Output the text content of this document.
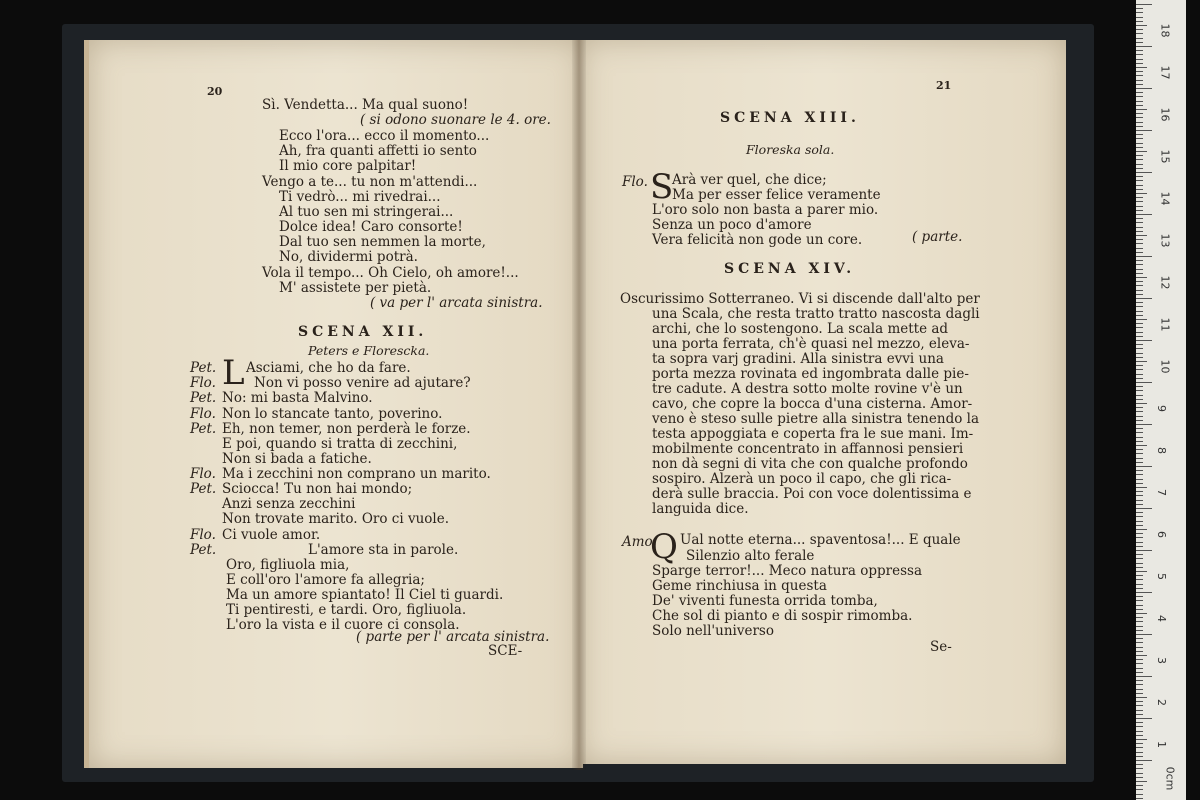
20
Sì. Vendetta... Ma qual suono!
( si odono suonare le 4. ore.
Ecco l'ora... ecco il momento...
Ah, fra quanti affetti io sento
Il mio core palpitar!
Vengo a te... tu non m'attendi...
Ti vedrò... mi rivedrai...
Al tuo sen mi stringerai...
Dolce idea! Caro consorte!
Dal tuo sen nemmen la morte,
No, dividermi potrà.
Vola il tempo... Oh Cielo, oh amore!...
M' assistete per pietà.
( va per l' arcata sinistra.
SCENA XII.
Peters e Florescka.
L
Pet. Asciami, che ho da fare.
Flo.	Non vi posso venire ad ajutare?
Pet. No: mi basta Malvino.
Flo. Non lo stancate tanto, poverino.
Pet. Eh, non temer, non perderà le forze.
E poi, quando si tratta di zecchini,
Non si bada a fatiche.
Flo. Ma i zecchini non comprano un marito.
Pet. Sciocca! Tu non hai mondo;
Anzi senza zecchini
Non trovate marito. Oro ci vuole.
Flo. Ci vuole amor.
Pet.	L'amore sta in parole.
Oro, figliuola mia,
E coll'oro l'amore fa allegria;
Ma un amore spiantato! Il Ciel ti guardi.
Ti pentiresti, e tardi. Oro, figliuola.
L'oro la vista e il cuore ci consola.
( parte per l' arcata sinistra.
SCE-
21
SCENA XIII.
Floreska sola.
Flo. S
Arà ver quel, che dice;
Ma per esser felice veramente
L'oro solo non basta a parer mio.
Senza un poco d'amore
Vera felicità non gode un core.	( parte.
SCENA XIV.
Oscurissimo Sotterraneo. Vi si discende dall'alto per
una Scala, che resta tratto tratto nascosta dagli
archi, che lo sostengono. La scala mette ad
una porta ferrata, ch'è quasi nel mezzo, eleva-
ta sopra varj gradini. Alla sinistra evvi una
porta mezza rovinata ed ingombrata dalle pie-
tre cadute. A destra sotto molte rovine v'è un
cavo, che copre la bocca d'una cisterna. Amor-
veno è steso sulle pietre alla sinistra tenendo la
testa appoggiata e coperta fra le sue mani. Im-
mobilmente concentrato in affannosi pensieri
non dà segni di vita che con qualche profondo
sospiro. Alzerà un poco il capo, che gli rica-
derà sulle braccia. Poi con voce dolentissima e
languida dice.
Amo.
Q Ual notte eterna... spaventosa!... E quale
Silenzio alto ferale
Sparge terror!... Meco natura oppressa
Geme rinchiusa in questa
De' viventi funesta orrida tomba,
Che sol di pianto e di sospir rimomba.
Solo nell'universo
Se-
18
17
16
15
14
13
12
11
10
9
8
7
6
5
4
3
2
1
0cm
